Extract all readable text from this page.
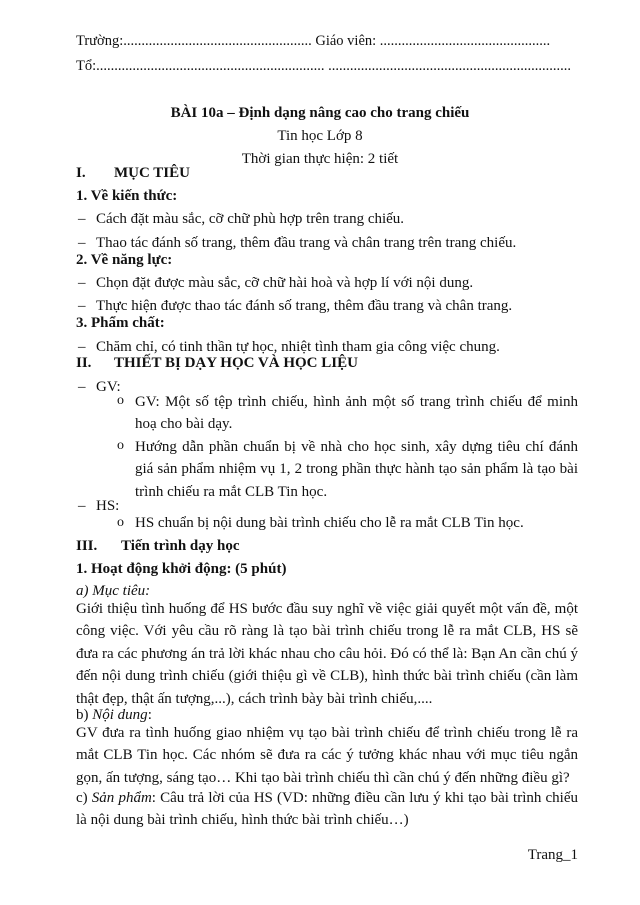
Trường:.................................................... Giáo viên: ...............................................
Tổ:............................................................... ...................................................................
BÀI 10a – Định dạng nâng cao cho trang chiếu
Tin học Lớp 8
Thời gian thực hiện: 2 tiết
I. MỤC TIÊU
1. Về kiến thức:
– Cách đặt màu sắc, cỡ chữ phù hợp trên trang chiếu.
– Thao tác đánh số trang, thêm đầu trang và chân trang trên trang chiếu.
2. Về năng lực:
– Chọn đặt được màu sắc, cỡ chữ hài hoà và hợp lí với nội dung.
– Thực hiện được thao tác đánh số trang, thêm đầu trang và chân trang.
3. Phẩm chất:
– Chăm chỉ, có tinh thần tự học, nhiệt tình tham gia công việc chung.
II. THIẾT BỊ DẠY HỌC VÀ HỌC LIỆU
– GV:
o GV: Một số tệp trình chiếu, hình ảnh một số trang trình chiếu để minh hoạ cho bài dạy.
o Hướng dẫn phần chuẩn bị về nhà cho học sinh, xây dựng tiêu chí đánh giá sản phẩm nhiệm vụ 1, 2 trong phần thực hành tạo sản phẩm là tạo bài trình chiếu ra mắt CLB Tin học.
– HS:
o HS chuẩn bị nội dung bài trình chiếu cho lễ ra mắt CLB Tin học.
III. Tiến trình dạy học
1. Hoạt động khởi động: (5 phút)
a) Mục tiêu:
Giới thiệu tình huống để HS bước đầu suy nghĩ về việc giải quyết một vấn đề, một công việc. Với yêu cầu rõ ràng là tạo bài trình chiếu trong lễ ra mắt CLB, HS sẽ đưa ra các phương án trả lời khác nhau cho câu hỏi. Đó có thể là: Bạn An cần chú ý đến nội dung trình chiếu (giới thiệu gì về CLB), hình thức bài trình chiếu (cần làm thật đẹp, thật ấn tượng,...), cách trình bày bài trình chiếu,....
b) Nội dung:
GV đưa ra tình huống giao nhiệm vụ tạo bài trình chiếu để trình chiếu trong lễ ra mắt CLB Tin học. Các nhóm sẽ đưa ra các ý tưởng khác nhau với mục tiêu ngắn gọn, ấn tượng, sáng tạo… Khi tạo bài trình chiếu thì cần chú ý đến những điều gì?
c) Sản phẩm: Câu trả lời của HS (VD: những điều cần lưu ý khi tạo bài trình chiếu là nội dung bài trình chiếu, hình thức bài trình chiếu…)
Trang_1
